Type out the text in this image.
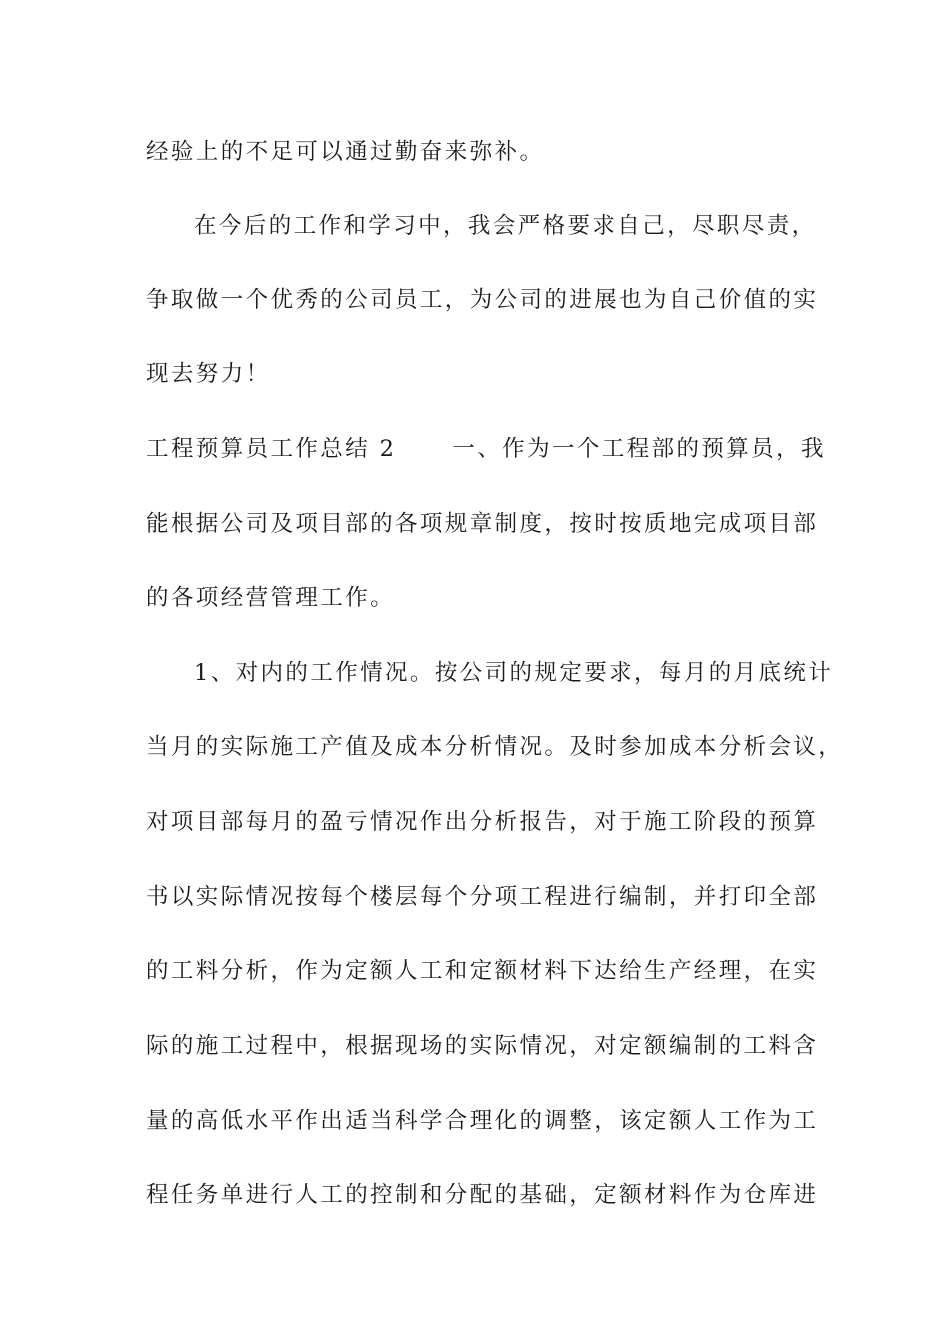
经验上的不足可以通过勤奋来弥补。
在今后的工作和学习中，我会严格要求自己，尽职尽责，
争取做一个优秀的公司员工，为公司的进展也为自己价值的实
现去努力！
工程预算员工作总结 2 一、作为一个工程部的预算员，我
能根据公司及项目部的各项规章制度，按时按质地完成项目部
的各项经营管理工作。
1、对内的工作情况。按公司的规定要求，每月的月底统计
当月的实际施工产值及成本分析情况。及时参加成本分析会议，
对项目部每月的盈亏情况作出分析报告，对于施工阶段的预算
书以实际情况按每个楼层每个分项工程进行编制，并打印全部
的工料分析，作为定额人工和定额材料下达给生产经理，在实
际的施工过程中，根据现场的实际情况，对定额编制的工料含
量的高低水平作出适当科学合理化的调整，该定额人工作为工
程任务单进行人工的控制和分配的基础，定额材料作为仓库进
